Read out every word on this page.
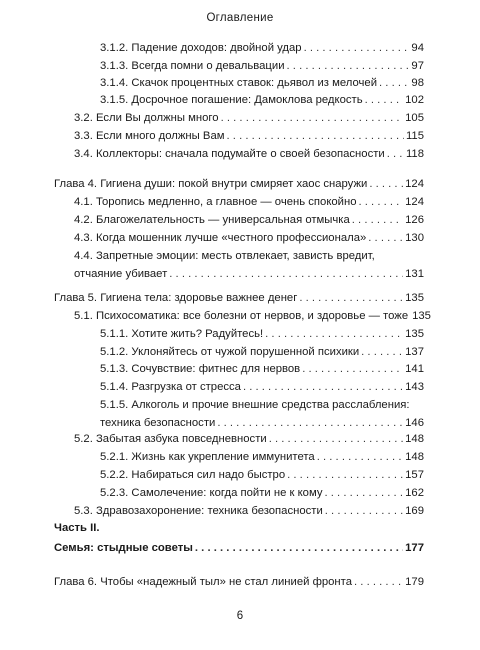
Оглавление
3.1.2. Падение доходов: двойной удар . . .	94
3.1.3. Всегда помни о девальвации . . .	97
3.1.4. Скачок процентных ставок: дьявол из мелочей . . .	98
3.1.5. Досрочное погашение: Дамоклова редкость . . .	102
3.2. Если Вы должны много . . .	105
3.3. Если много должны Вам . . .	115
3.4. Коллекторы: сначала подумайте о своей безопасности . . . 118
Глава 4. Гигиена души: покой внутри смиряет хаос снаружи . . .	124
4.1. Торопись медленно, а главное — очень спокойно . . .	124
4.2. Благожелательность — универсальная отмычка . . .	126
4.3. Когда мошенник лучше «честного профессионала» . . .	130
4.4. Запретные эмоции: месть отвлекает, зависть вредит,
отчаяние убивает . . .	131
Глава 5. Гигиена тела: здоровье важнее денег . . .	135
5.1. Психосоматика: все болезни от нервов, и здоровье — тоже 135
5.1.1. Хотите жить? Радуйтесь! . . .	135
5.1.2. Уклоняйтесь от чужой порушенной психики . . .	137
5.1.3. Сочувствие: фитнес для нервов . . .	141
5.1.4. Разгрузка от стресса . . .	143
5.1.5. Алкоголь и прочие внешние средства расслабления:
техника безопасности . . .	146
5.2. Забытая азбука повседневности . . .	148
5.2.1. Жизнь как укрепление иммунитета . . .	148
5.2.2. Набираться сил надо быстро . . .	157
5.2.3. Самолечение: когда пойти не к кому . . .	162
5.3. Здравозахоронение: техника безопасности . . .	169
Часть II.
Семья: стыдные советы . . .	177
Глава 6. Чтобы «надежный тыл» не стал линией фронта . . .	179
6
